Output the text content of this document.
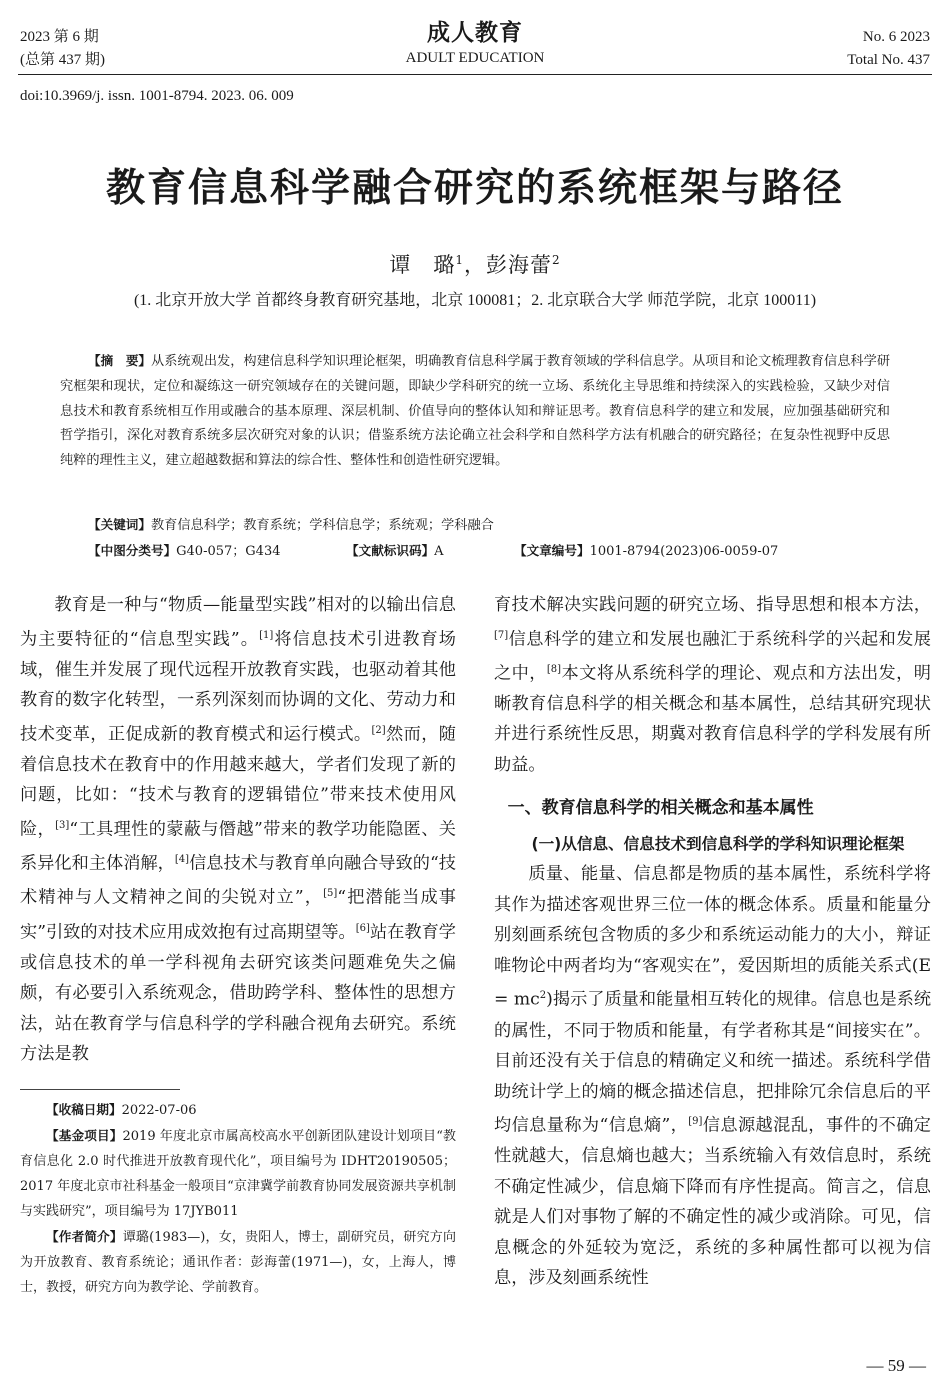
2023 第 6 期
(总第 437 期)
成人教育
ADULT EDUCATION
No. 6 2023
Total No. 437
doi:10.3969/j. issn. 1001-8794. 2023. 06. 009
教育信息科学融合研究的系统框架与路径
谭　璐$^1$，彭海蕾$^2$
(1. 北京开放大学 首都终身教育研究基地，北京 100081；2. 北京联合大学 师范学院，北京 100011)
【摘　要】从系统观出发，构建信息科学知识理论框架，明确教育信息科学属于教育领域的学科信息学。从项目和论文梳理教育信息科学研究框架和现状，定位和凝练这一研究领域存在的关键问题，即缺少学科研究的统一立场、系统化主导思维和持续深入的实践检验，又缺少对信息技术和教育系统相互作用或融合的基本原理、深层机制、价值导向的整体认知和辩证思考。教育信息科学的建立和发展，应加强基础研究和哲学指引，深化对教育系统多层次研究对象的认识；借鉴系统方法论确立社会科学和自然科学方法有机融合的研究路径；在复杂性视野中反思纯粹的理性主义，建立超越数据和算法的综合性、整体性和创造性研究逻辑。
【关键词】教育信息科学；教育系统；学科信息学；系统观；学科融合
【中图分类号】G40-057；G434	【文献标识码】A	【文章编号】1001-8794(2023)06-0059-07

教育是一种与“物质—能量型实践”相对的以输出信息为主要特征的“信息型实践”。[1]将信息技术引进教育场域，催生并发展了现代远程开放教育实践，也驱动着其他教育的数字化转型，一系列深刻而协调的文化、劳动力和技术变革，正促成新的教育模式和运行模式。[2]然而，随着信息技术在教育中的作用越来越大，学者们发现了新的问题，比如：“技术与教育的逻辑错位”带来技术使用风险，[3]“工具理性的蒙蔽与僭越”带来的教学功能隐匿、关系异化和主体消解，[4]信息技术与教育单向融合导致的“技术精神与人文精神之间的尖锐对立”，[5]“把潜能当成事实”引致的对技术应用成效抱有过高期望等。[6]站在教育学或信息技术的单一学科视角去研究该类问题难免失之偏颇，有必要引入系统观念，借助跨学科、整体性的思想方法，站在教育学与信息科学的学科融合视角去研究。系统方法是教

【收稿日期】2022-07-06

【基金项目】2019 年度北京市属高校高水平创新团队建设计划项目“教育信息化 2.0 时代推进开放教育现代化”，项目编号为 IDHT20190505；2017 年度北京市社科基金一般项目“京津冀学前教育协同发展资源共享机制与实践研究”，项目编号为 17JYB011

【作者简介】谭璐(1983—)，女，贵阳人，博士，副研究员，研究方向为开放教育、教育系统论；通讯作者：彭海蕾(1971—)，女，上海人，博士，教授，研究方向为教学论、学前教育。

育技术解决实践问题的研究立场、指导思想和根本方法，[7]信息科学的建立和发展也融汇于系统科学的兴起和发展之中，[8]本文将从系统科学的理论、观点和方法出发，明晰教育信息科学的相关概念和基本属性，总结其研究现状并进行系统性反思，期冀对教育信息科学的学科发展有所助益。

一、教育信息科学的相关概念和基本属性
(一)从信息、信息技术到信息科学的学科知识理论框架

质量、能量、信息都是物质的基本属性，系统科学将其作为描述客观世界三位一体的概念体系。质量和能量分别刻画系统包含物质的多少和系统运动能力的大小，辩证唯物论中两者均为“客观实在”，爱因斯坦的质能关系式$(E = mc^2)$揭示了质量和能量相互转化的规律。信息也是系统的属性，不同于物质和能量，有学者称其是“间接实在”。目前还没有关于信息的精确定义和统一描述。系统科学借助统计学上的熵的概念描述信息，把排除冗余信息后的平均信息量称为“信息熵”，[9]信息源越混乱，事件的不确定性就越大，信息熵也越大；当系统输入有效信息时，系统不确定性减少，信息熵下降而有序性提高。简言之，信息就是人们对事物了解的不确定性的减少或消除。可见，信息概念的外延较为宽泛，系统的多种属性都可以视为信息，涉及刻画系统性

— 59 —
